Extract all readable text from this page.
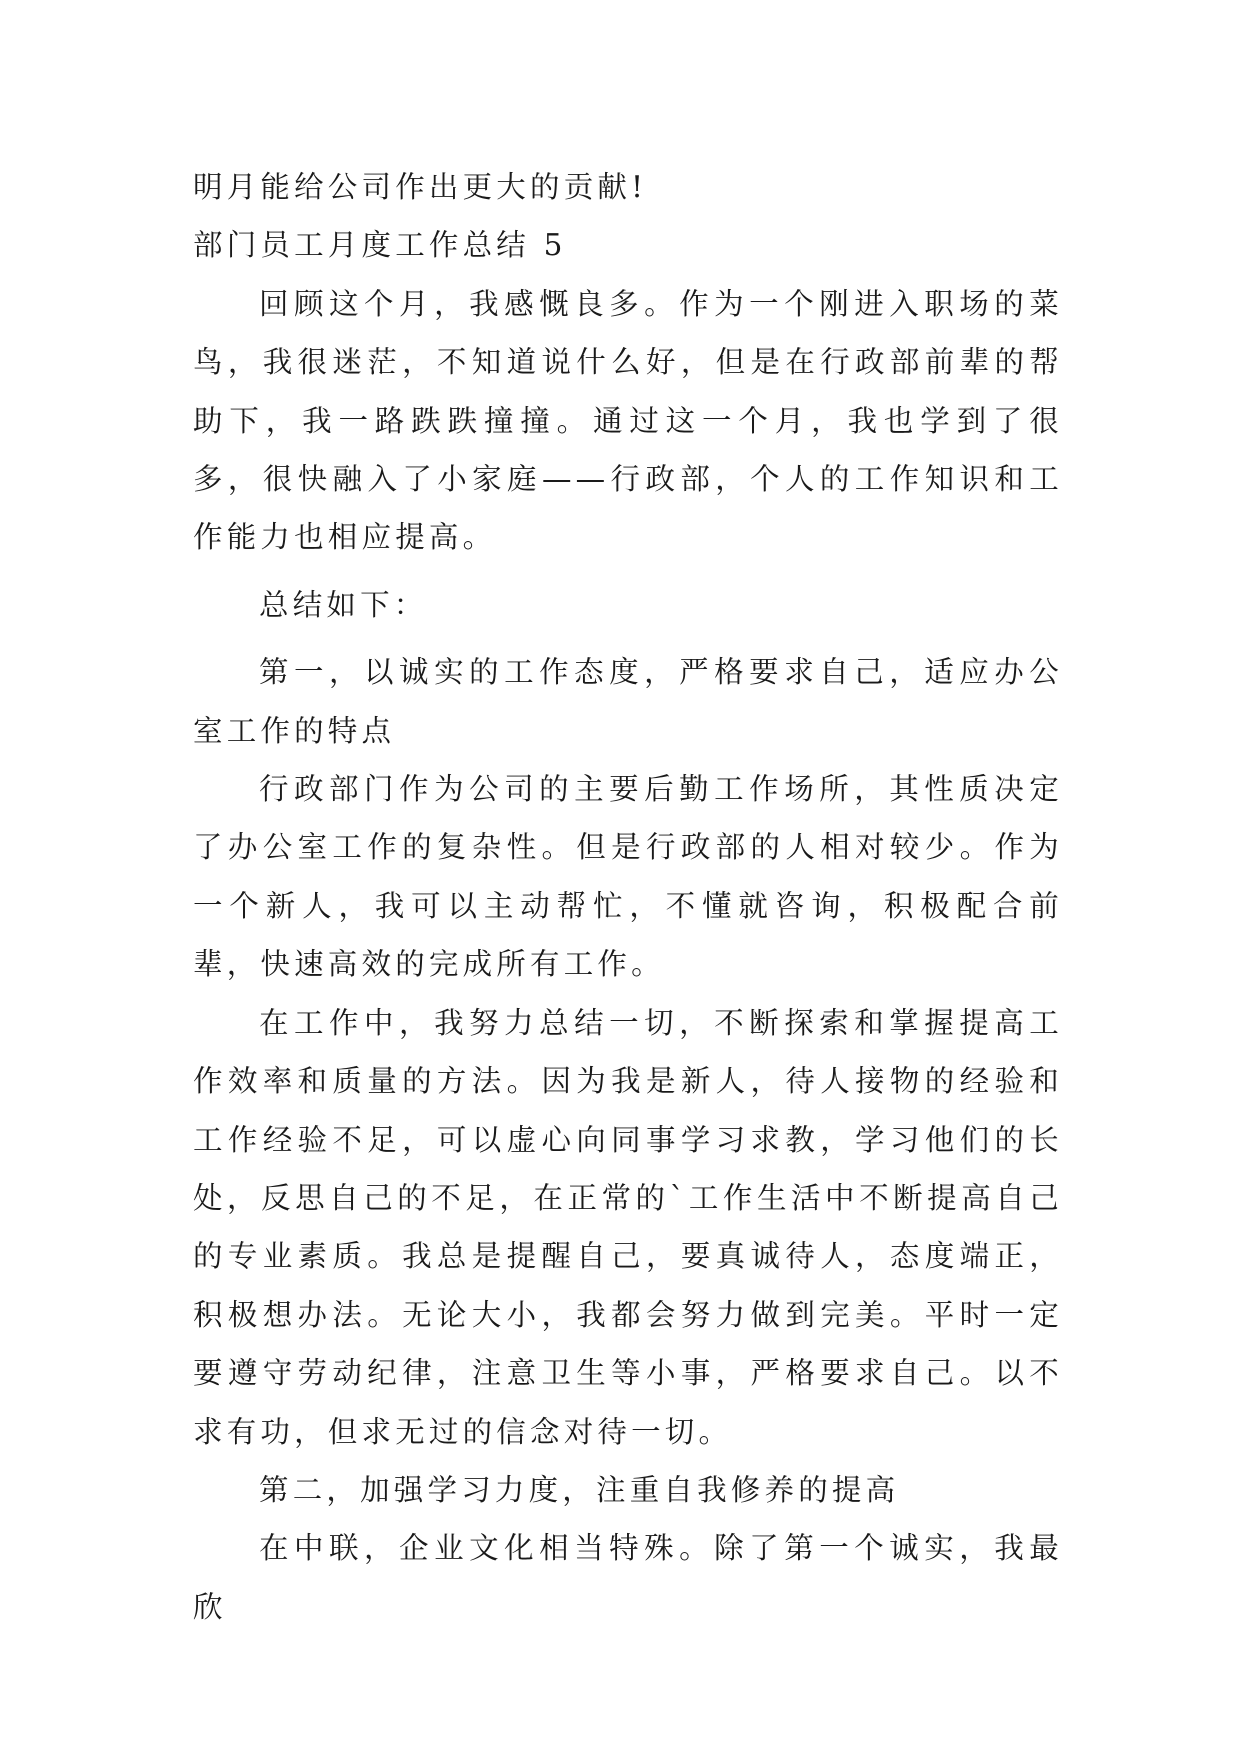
明月能给公司作出更大的贡献!

部门员工月度工作总结 5

回顾这个月，我感慨良多。作为一个刚进入职场的菜鸟，我很迷茫，不知道说什么好，但是在行政部前辈的帮助下，我一路跌跌撞撞。通过这一个月，我也学到了很多，很快融入了小家庭——行政部，个人的工作知识和工作能力也相应提高。

总结如下：

第一，以诚实的工作态度，严格要求自己，适应办公室工作的特点

行政部门作为公司的主要后勤工作场所，其性质决定了办公室工作的复杂性。但是行政部的人相对较少。作为一个新人，我可以主动帮忙，不懂就咨询，积极配合前辈，快速高效的完成所有工作。

在工作中，我努力总结一切，不断探索和掌握提高工作效率和质量的方法。因为我是新人，待人接物的经验和工作经验不足，可以虚心向同事学习求教，学习他们的长处，反思自己的不足，在正常的`工作生活中不断提高自己的专业素质。我总是提醒自己，要真诚待人，态度端正，积极想办法。无论大小，我都会努力做到完美。平时一定要遵守劳动纪律，注意卫生等小事，严格要求自己。以不求有功，但求无过的信念对待一切。

第二，加强学习力度，注重自我修养的提高

在中联，企业文化相当特殊。除了第一个诚实，我最欣
